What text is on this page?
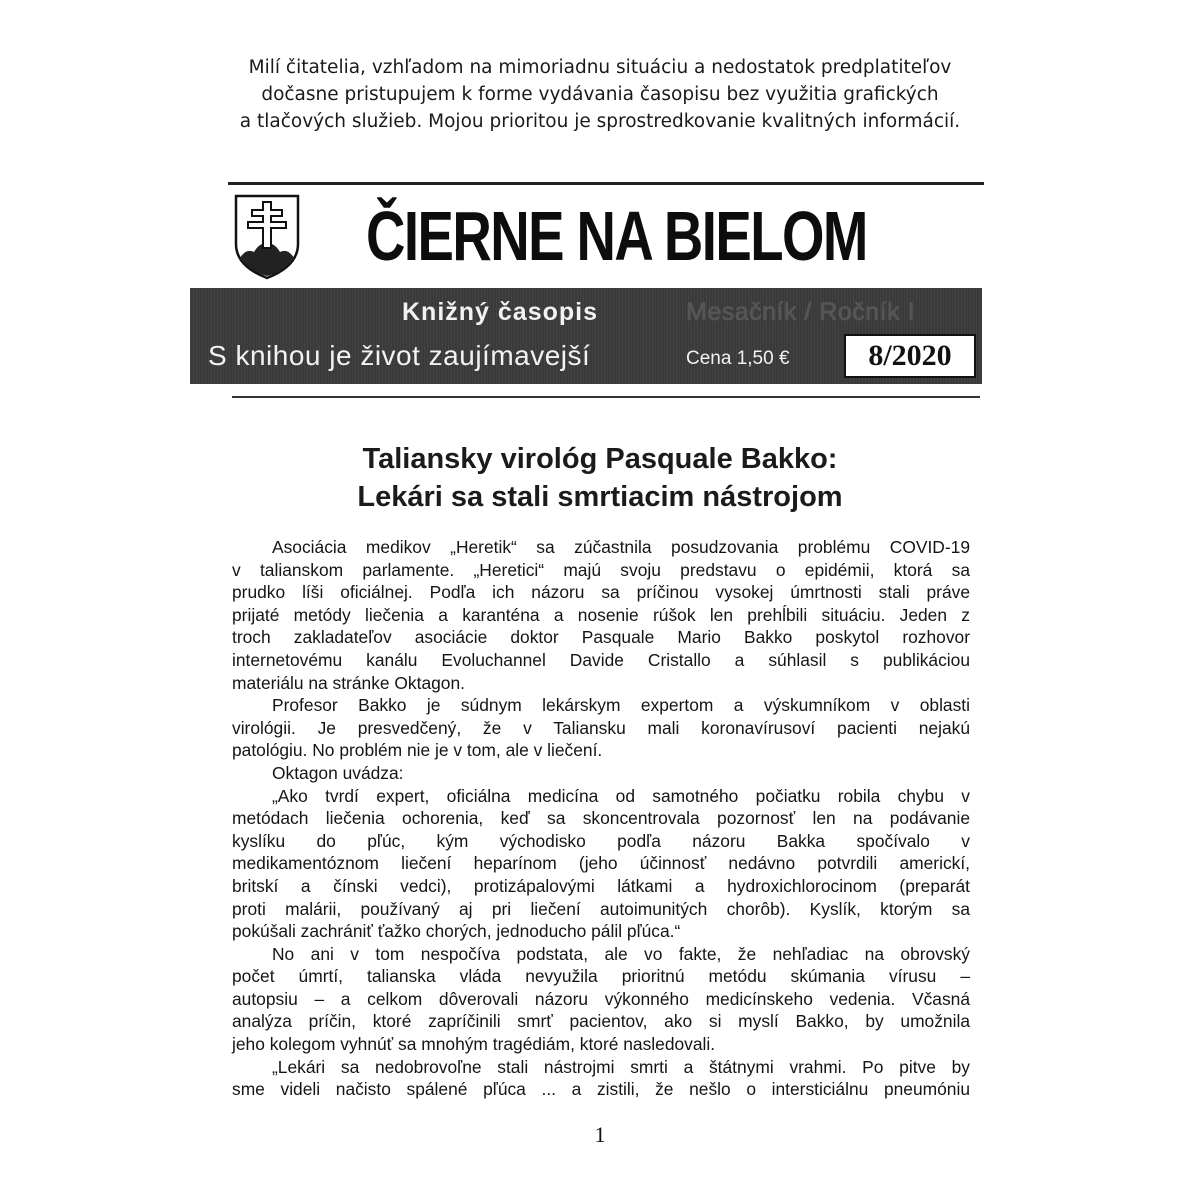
Milí čitatelia, vzhľadom na mimoriadnu situáciu a nedostatok predplatiteľov
dočasne pristupujem k forme vydávania časopisu bez využitia grafických
a tlačových služieb. Mojou prioritou je sprostredkovanie kvalitných informácií.
ČIERNE NA BIELOM
Knižný časopis	Mesačník / Ročník I
S knihou je život zaujímavejší	Cena 1,50 €	8/2020
Taliansky virológ Pasquale Bakko:
Lekári sa stali smrtiacim nástrojom
Asociácia medikov „Heretik“ sa zúčastnila posudzovania problému COVID-19
v talianskom parlamente. „Heretici“ majú svoju predstavu o epidémii, ktorá sa
prudko líši oficiálnej. Podľa ich názoru sa príčinou vysokej úmrtnosti stali práve
prijaté metódy liečenia a karanténa a nosenie rúšok len prehĺbili situáciu. Jeden z
troch zakladateľov asociácie doktor Pasquale Mario Bakko poskytol rozhovor
internetovému kanálu Evoluchannel Davide Cristallo a súhlasil s publikáciou
materiálu na stránke Oktagon.
Profesor Bakko je súdnym lekárskym expertom a výskumníkom v oblasti
virológii. Je presvedčený, že v Taliansku mali koronavírusoví pacienti nejakú
patológiu. No problém nie je v tom, ale v liečení.
Oktagon uvádza:
„Ako tvrdí expert, oficiálna medicína od samotného počiatku robila chybu v
metódach liečenia ochorenia, keď sa skoncentrovala pozornosť len na podávanie
kyslíku do pľúc, kým východisko podľa názoru Bakka spočívalo v
medikamentóznom liečení heparínom (jeho účinnosť nedávno potvrdili americkí,
britskí a čínski vedci), protizápalovými látkami a hydroxichlorocinom (preparát
proti malárii, používaný aj pri liečení autoimunitých chorôb). Kyslík, ktorým sa
pokúšali zachrániť ťažko chorých, jednoducho pálil pľúca.“
No ani v tom nespočíva podstata, ale vo fakte, že nehľadiac na obrovský
počet úmrtí, talianska vláda nevyužila prioritnú metódu skúmania vírusu –
autopsiu – a celkom dôverovali názoru výkonného medicínskeho vedenia. Včasná
analýza príčin, ktoré zapríčinili smrť pacientov, ako si myslí Bakko, by umožnila
jeho kolegom vyhnúť sa mnohým tragédiám, ktoré nasledovali.
„Lekári sa nedobrovoľne stali nástrojmi smrti a štátnymi vrahmi. Po pitve by
sme videli načisto spálené pľúca ... a zistili, že nešlo o intersticiálnu pneumóniu
1
